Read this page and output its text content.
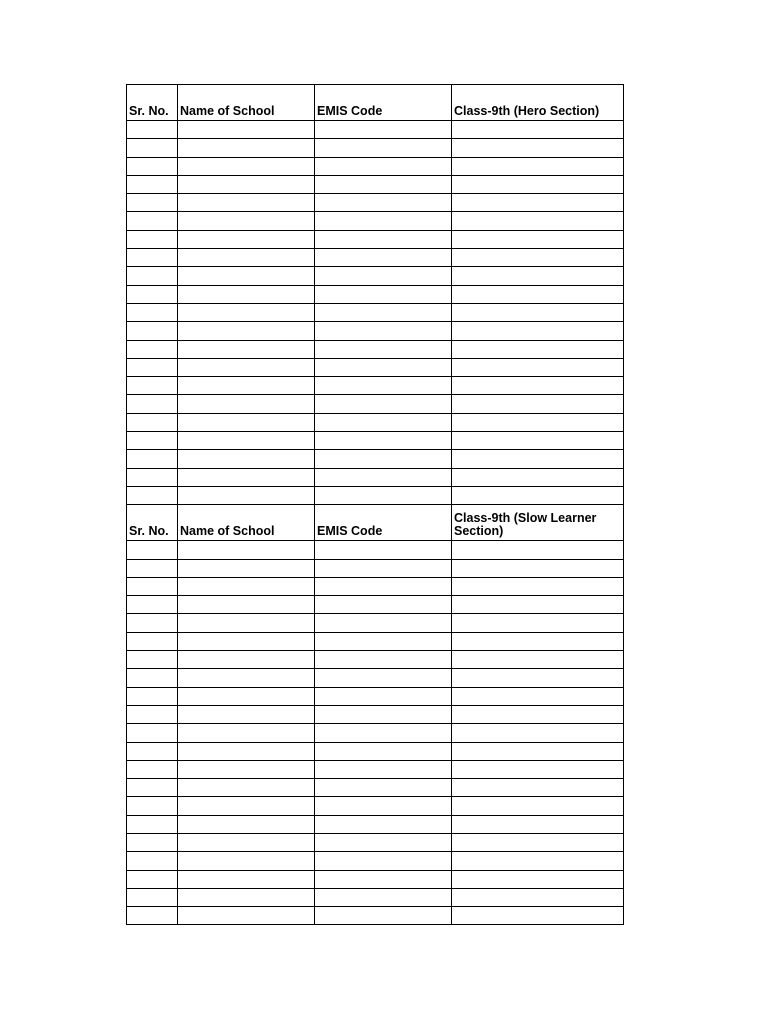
Sr. No.	Name of School	EMIS Code	Class-9th (Hero Section)

Sr. No.	Name of School	EMIS Code	Class-9th (Slow Learner Section)
